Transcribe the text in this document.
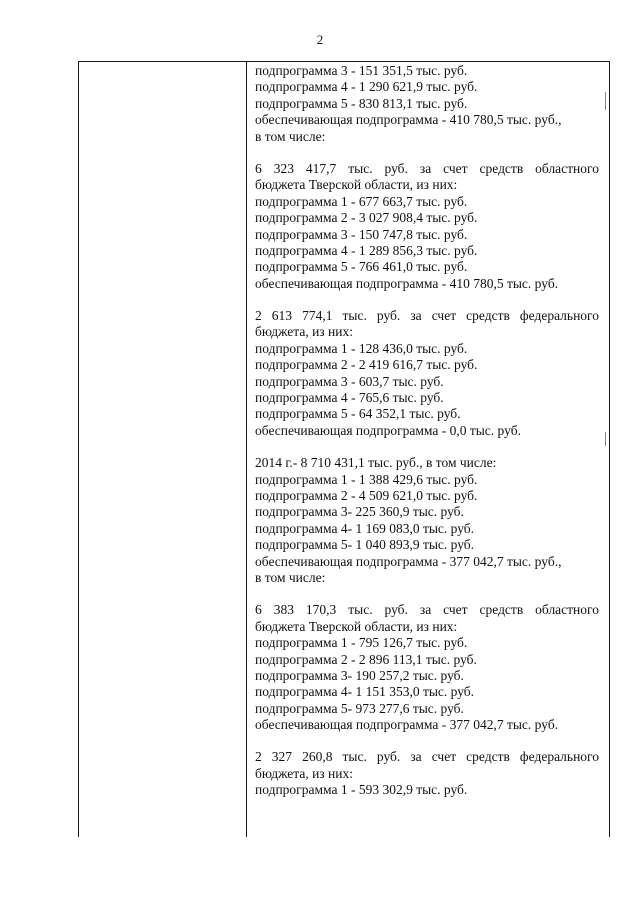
2
подпрограмма 3 - 151 351,5 тыс. руб.
подпрограмма 4 - 1 290 621,9 тыс. руб.
подпрограмма 5 - 830 813,1 тыс. руб.
обеспечивающая подпрограмма - 410 780,5 тыс. руб.,
в том числе:
6 323 417,7 тыс. руб. за счет средств областного
бюджета Тверской области, из них:
подпрограмма 1 - 677 663,7 тыс. руб.
подпрограмма 2 - 3 027 908,4 тыс. руб.
подпрограмма 3 - 150 747,8 тыс. руб.
подпрограмма 4 - 1 289 856,3 тыс. руб.
подпрограмма 5 - 766 461,0 тыс. руб.
обеспечивающая подпрограмма - 410 780,5 тыс. руб.
2 613 774,1 тыс. руб. за счет средств федерального
бюджета, из них:
подпрограмма 1 - 128 436,0 тыс. руб.
подпрограмма 2 - 2 419 616,7 тыс. руб.
подпрограмма 3 - 603,7 тыс. руб.
подпрограмма 4 - 765,6 тыс. руб.
подпрограмма 5 - 64 352,1 тыс. руб.
обеспечивающая подпрограмма - 0,0 тыс. руб.
2014 г.- 8 710 431,1 тыс. руб., в том числе:
подпрограмма 1 - 1 388 429,6 тыс. руб.
подпрограмма 2 - 4 509 621,0 тыс. руб.
подпрограмма 3- 225 360,9 тыс. руб.
подпрограмма 4- 1 169 083,0 тыс. руб.
подпрограмма 5- 1 040 893,9 тыс. руб.
обеспечивающая подпрограмма - 377 042,7 тыс. руб.,
в том числе:
6 383 170,3 тыс. руб. за счет средств областного
бюджета Тверской области, из них:
подпрограмма 1 - 795 126,7 тыс. руб.
подпрограмма 2 - 2 896 113,1 тыс. руб.
подпрограмма 3- 190 257,2 тыс. руб.
подпрограмма 4- 1 151 353,0 тыс. руб.
подпрограмма 5- 973 277,6 тыс. руб.
обеспечивающая подпрограмма - 377 042,7 тыс. руб.
2 327 260,8 тыс. руб. за счет средств федерального
бюджета, из них:
подпрограмма 1 - 593 302,9 тыс. руб.
